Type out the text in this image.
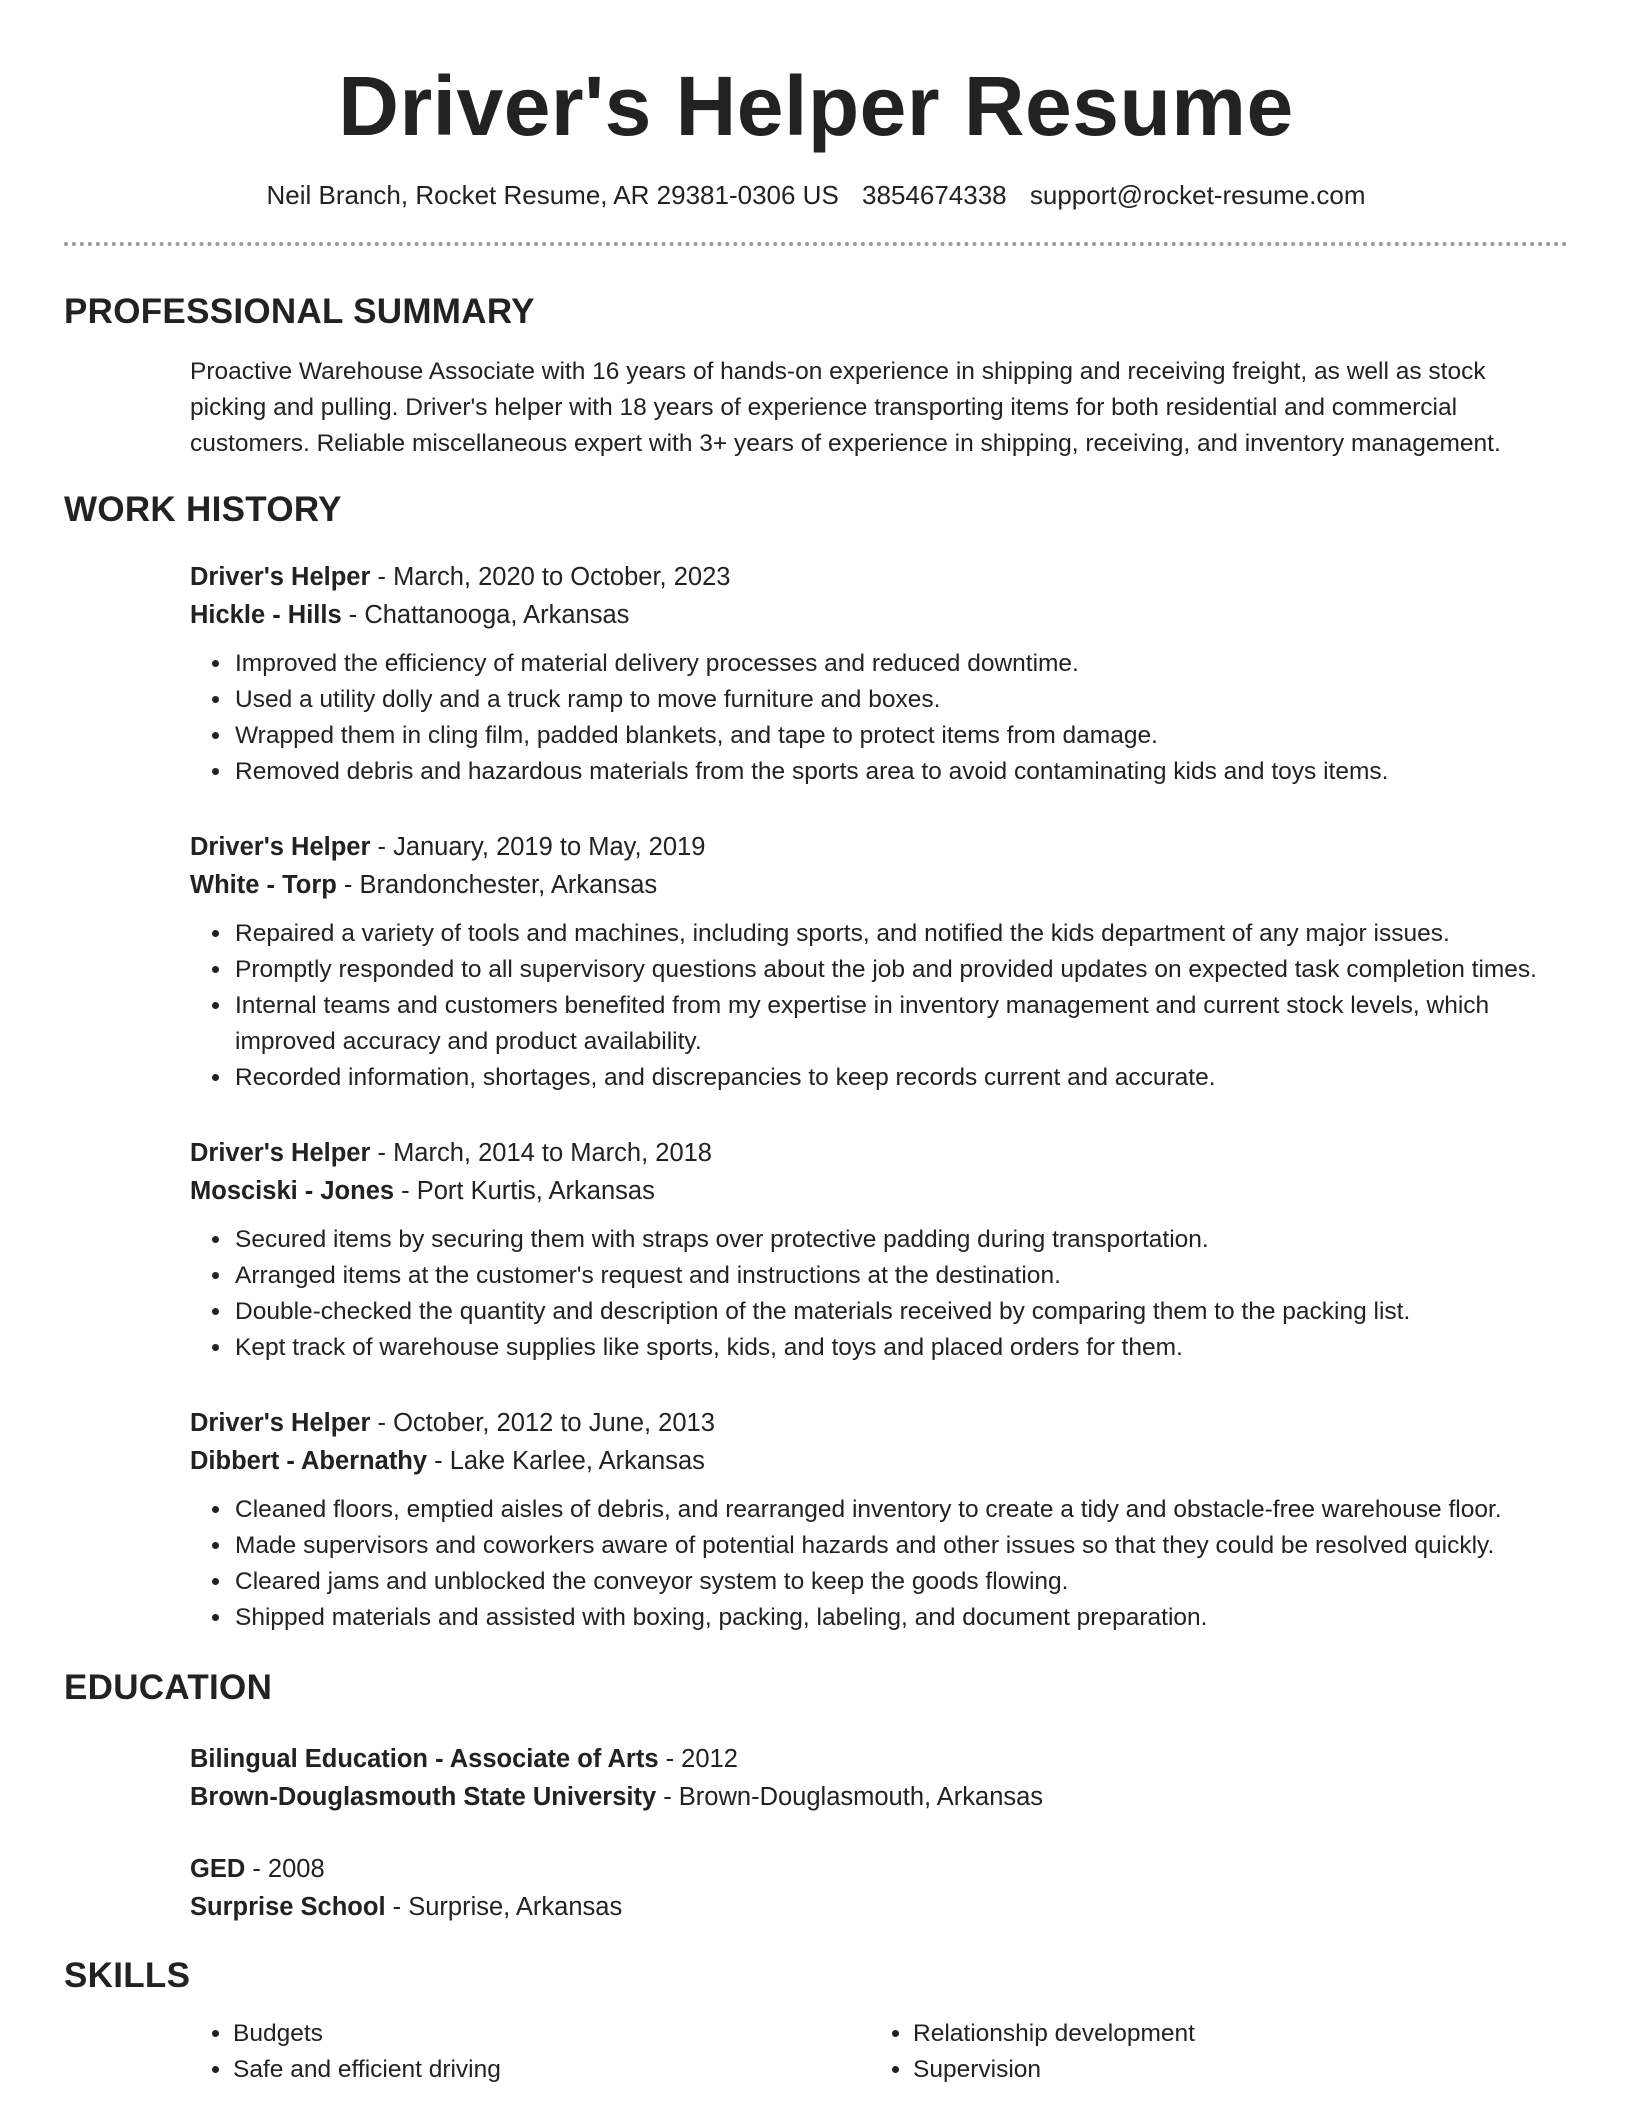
Driver's Helper Resume
Neil Branch, Rocket Resume, AR 29381-0306 US 3854674338 support@rocket-resume.com
PROFESSIONAL SUMMARY
Proactive Warehouse Associate with 16 years of hands-on experience in shipping and receiving freight, as well as stock picking and pulling. Driver's helper with 18 years of experience transporting items for both residential and commercial customers. Reliable miscellaneous expert with 3+ years of experience in shipping, receiving, and inventory management.
WORK HISTORY
Driver's Helper - March, 2020 to October, 2023
Hickle - Hills - Chattanooga, Arkansas
• Improved the efficiency of material delivery processes and reduced downtime.
• Used a utility dolly and a truck ramp to move furniture and boxes.
• Wrapped them in cling film, padded blankets, and tape to protect items from damage.
• Removed debris and hazardous materials from the sports area to avoid contaminating kids and toys items.
Driver's Helper - January, 2019 to May, 2019
White - Torp - Brandonchester, Arkansas
• Repaired a variety of tools and machines, including sports, and notified the kids department of any major issues.
• Promptly responded to all supervisory questions about the job and provided updates on expected task completion times.
• Internal teams and customers benefited from my expertise in inventory management and current stock levels, which improved accuracy and product availability.
• Recorded information, shortages, and discrepancies to keep records current and accurate.
Driver's Helper - March, 2014 to March, 2018
Mosciski - Jones - Port Kurtis, Arkansas
• Secured items by securing them with straps over protective padding during transportation.
• Arranged items at the customer's request and instructions at the destination.
• Double-checked the quantity and description of the materials received by comparing them to the packing list.
• Kept track of warehouse supplies like sports, kids, and toys and placed orders for them.
Driver's Helper - October, 2012 to June, 2013
Dibbert - Abernathy - Lake Karlee, Arkansas
• Cleaned floors, emptied aisles of debris, and rearranged inventory to create a tidy and obstacle-free warehouse floor.
• Made supervisors and coworkers aware of potential hazards and other issues so that they could be resolved quickly.
• Cleared jams and unblocked the conveyor system to keep the goods flowing.
• Shipped materials and assisted with boxing, packing, labeling, and document preparation.
EDUCATION
Bilingual Education - Associate of Arts - 2012
Brown-Douglasmouth State University - Brown-Douglasmouth, Arkansas
GED - 2008
Surprise School - Surprise, Arkansas
SKILLS
• Budgets
• Safe and efficient driving
• Relationship development
• Supervision
